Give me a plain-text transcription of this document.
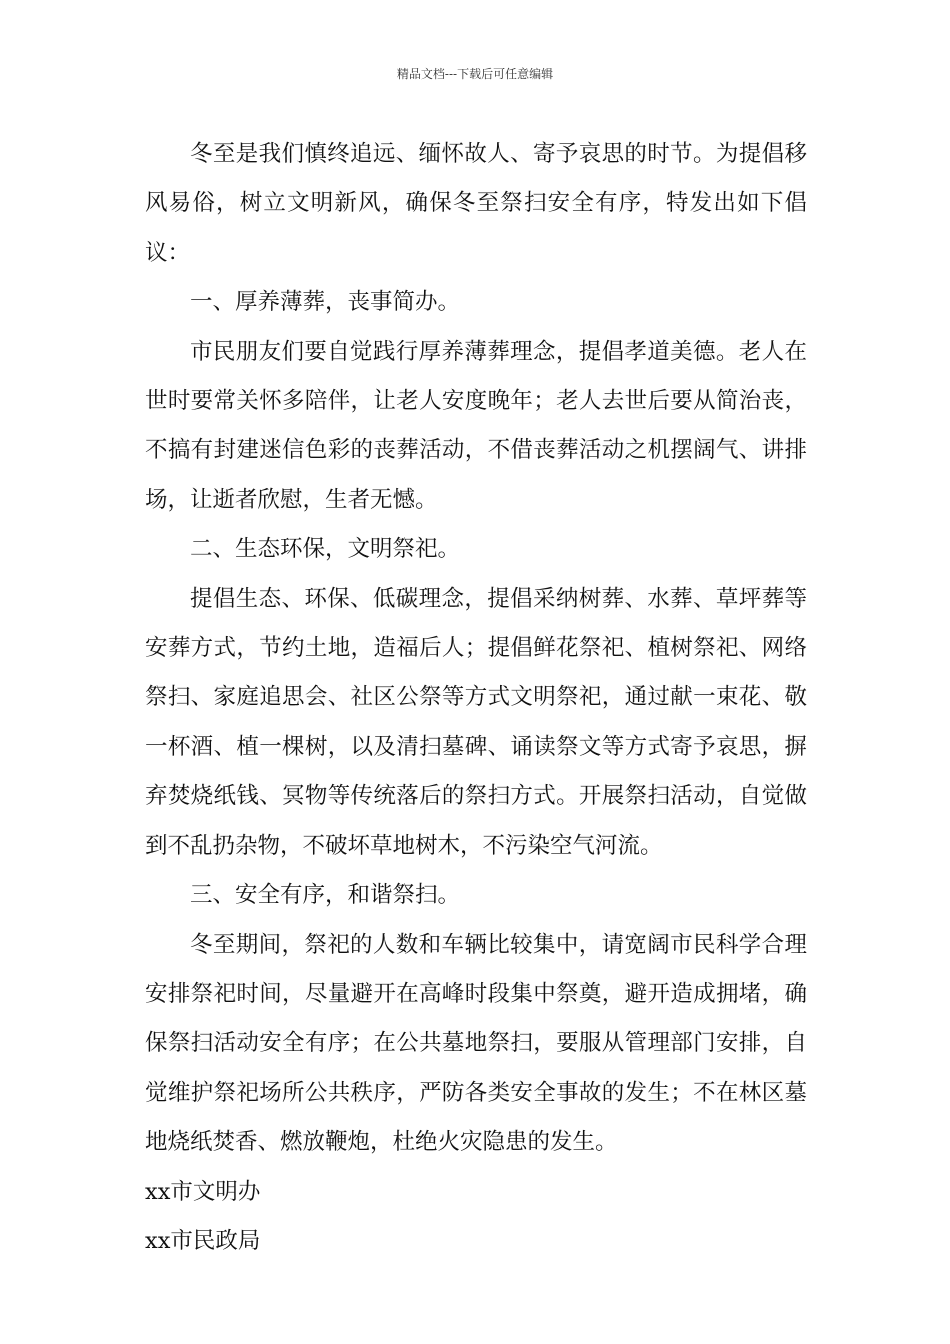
精品文档---下载后可任意编辑

冬至是我们慎终追远、缅怀故人、寄予哀思的时节。为提倡移风易俗，树立文明新风，确保冬至祭扫安全有序，特发出如下倡议：

一、厚养薄葬，丧事简办。

市民朋友们要自觉践行厚养薄葬理念，提倡孝道美德。老人在世时要常关怀多陪伴，让老人安度晚年；老人去世后要从简治丧，不搞有封建迷信色彩的丧葬活动，不借丧葬活动之机摆阔气、讲排场，让逝者欣慰，生者无憾。

二、生态环保，文明祭祀。

提倡生态、环保、低碳理念，提倡采纳树葬、水葬、草坪葬等安葬方式，节约土地，造福后人；提倡鲜花祭祀、植树祭祀、网络祭扫、家庭追思会、社区公祭等方式文明祭祀，通过献一束花、敬一杯酒、植一棵树，以及清扫墓碑、诵读祭文等方式寄予哀思，摒弃焚烧纸钱、冥物等传统落后的祭扫方式。开展祭扫活动，自觉做到不乱扔杂物，不破坏草地树木，不污染空气河流。

三、安全有序，和谐祭扫。

冬至期间，祭祀的人数和车辆比较集中，请宽阔市民科学合理安排祭祀时间，尽量避开在高峰时段集中祭奠，避开造成拥堵，确保祭扫活动安全有序；在公共墓地祭扫，要服从管理部门安排，自觉维护祭祀场所公共秩序，严防各类安全事故的发生；不在林区墓地烧纸焚香、燃放鞭炮，杜绝火灾隐患的发生。

xx市文明办

xx市民政局
